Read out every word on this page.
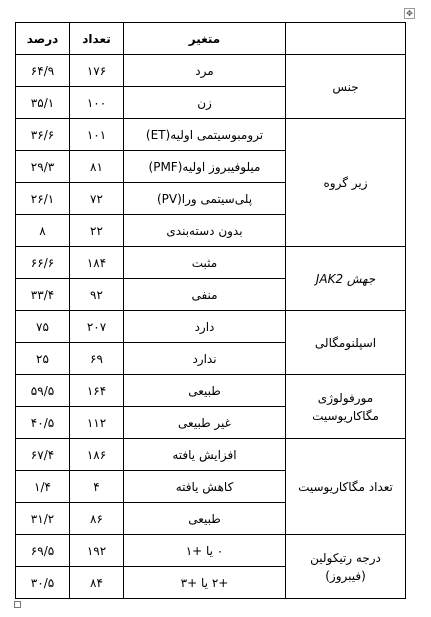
✥
	متغیر	تعداد	درصد
جنس	مرد	۱۷۶	۶۴/۹
	زن	۱۰۰	۳۵/۱
زیر گروه	ترومبوسیتمی اولیه(ET)	۱۰۱	۳۶/۶
	میلوفیبروز اولیه(PMF)	۸۱	۲۹/۳
	پلی‌سیتمی ورا(PV)	۷۲	۲۶/۱
	بدون دسته‌بندی	۲۲	۸
جهش JAK2	مثبت	۱۸۴	۶۶/۶
	منفی	۹۲	۳۳/۴
اسپلنومگالی	دارد	۲۰۷	۷۵
	ندارد	۶۹	۲۵
مورفولوژی مگاکاریوسیت	طبیعی	۱۶۴	۵۹/۵
	غیر طبیعی	۱۱۲	۴۰/۵
تعداد مگاکاریوسیت	افزایش یافته	۱۸۶	۶۷/۴
	کاهش یافته	۴	۱/۴
	طبیعی	۸۶	۳۱/۲
درجه رتیکولین (فیبروز)	۰ یا +۱	۱۹۲	۶۹/۵
	+۲ یا +۳	۸۴	۳۰/۵
